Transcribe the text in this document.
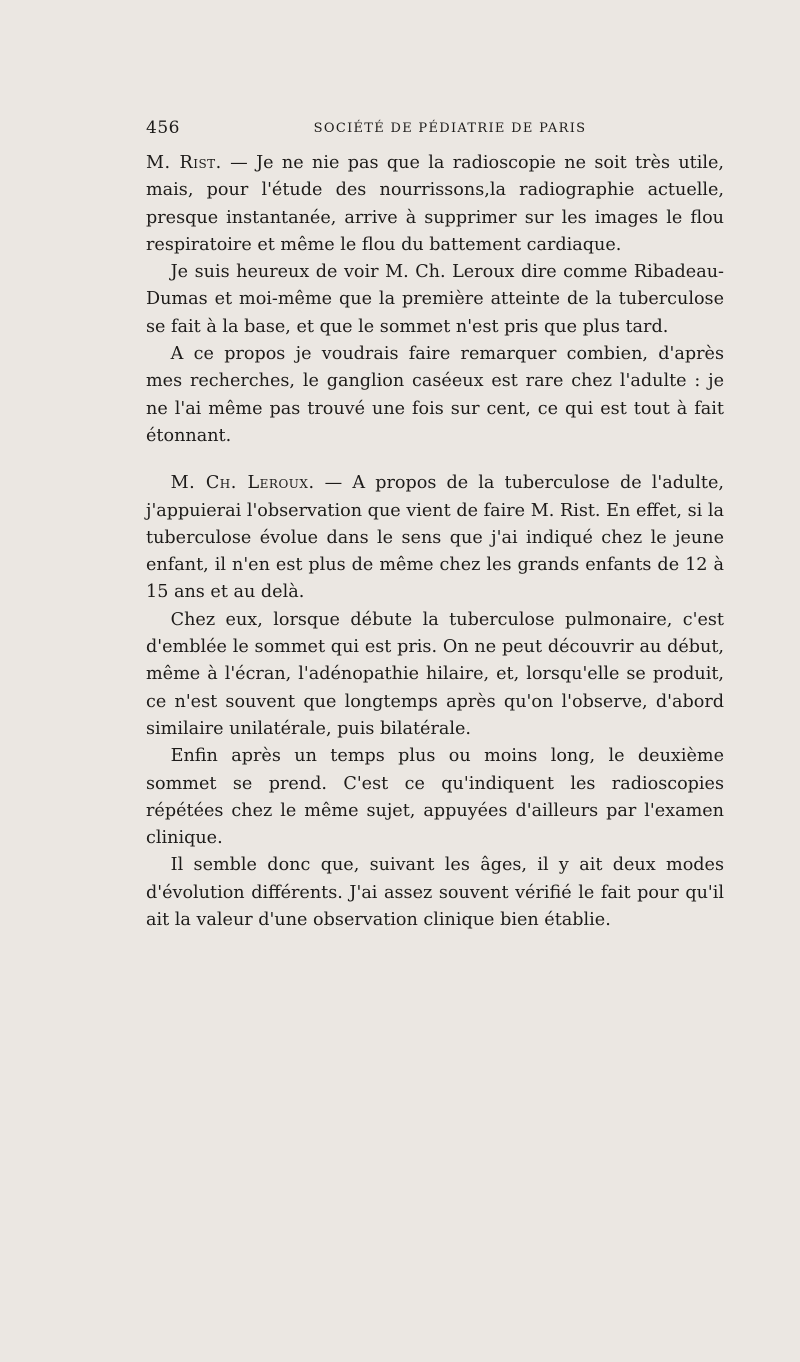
456	SOCIÉTÉ DE PÉDIATRIE DE PARIS

M. Rist. — Je ne nie pas que la radioscopie ne soit très utile, mais, pour l'étude des nourrissons,la radiographie actuelle, presque instantanée, arrive à supprimer sur les images le flou respiratoire et même le flou du battement cardiaque.

Je suis heureux de voir M. Ch. Leroux dire comme Ribadeau-Dumas et moi-même que la première atteinte de la tuberculose se fait à la base, et que le sommet n'est pris que plus tard.

A ce propos je voudrais faire remarquer combien, d'après mes recherches, le ganglion caséeux est rare chez l'adulte : je ne l'ai même pas trouvé une fois sur cent, ce qui est tout à fait étonnant.

M. Ch. Leroux. — A propos de la tuberculose de l'adulte, j'appuierai l'observation que vient de faire M. Rist. En effet, si la tuberculose évolue dans le sens que j'ai indiqué chez le jeune enfant, il n'en est plus de même chez les grands enfants de 12 à 15 ans et au delà.

Chez eux, lorsque débute la tuberculose pulmonaire, c'est d'emblée le sommet qui est pris. On ne peut découvrir au début, même à l'écran, l'adénopathie hilaire, et, lorsqu'elle se produit, ce n'est souvent que longtemps après qu'on l'observe, d'abord similaire unilatérale, puis bilatérale.

Enfin après un temps plus ou moins long, le deuxième sommet se prend. C'est ce qu'indiquent les radioscopies répétées chez le même sujet, appuyées d'ailleurs par l'examen clinique.

Il semble donc que, suivant les âges, il y ait deux modes d'évolution différents. J'ai assez souvent vérifié le fait pour qu'il ait la valeur d'une observation clinique bien établie.
